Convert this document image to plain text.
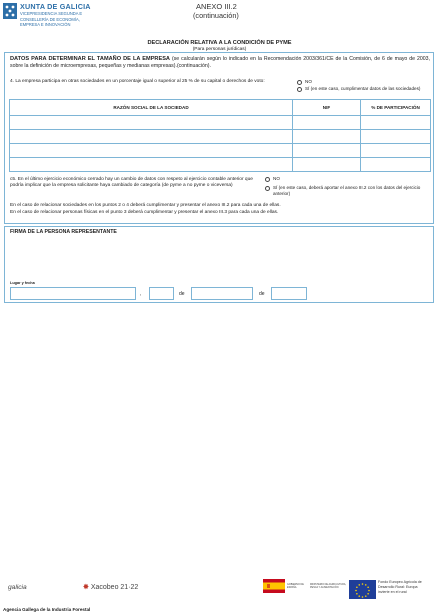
XUNTA DE GALICIA
VICEPRESIDENCIA SEGUNDA E
CONSELLERÍA DE ECONOMÍA,
EMPRESA E INNOVACIÓN
ANEXO III.2
(continuación)
DECLARACIÓN RELATIVA A LA CONDICIÓN DE PYME
(Para personas jurídicas)
DATOS PARA DETERMINAR EL TAMAÑO DE LA EMPRESA (se calcularán según lo indicado en la Recomendación 2003/361/CE de la Comisión, de 6 de mayo de 2003, sobre la definición de microempresas, pequeñas y medianas empresas).(continuación).
4. La empresa participa en otras sociedades en un porcentaje igual o superior al 25 % de su capital o derechos de voto:	NO
SÍ (en este caso, cumplimentar datos de las sociedades)
RAZÓN SOCIAL DE LA SOCIEDAD	NIF	% DE PARTICIPACIÓN

c5. En el último ejercicio económico cerrado hay un cambio de datos con respeto al ejercicio contable anterior que podría implicar que la empresa solicitante haya cambiado de categoría (de pyme a no pyme o viceversa)
NO
SÍ (en este caso, deberá aportar el anexo III.2 con los datos del ejercicio anterior)
En el caso de relacionar sociedades en los puntos 2 o 4 deberá cumplimentar y presentar el anexo III.2 para cada una de ellas.
En el caso de relacionar personas físicas en el punto 3 deberá cumplimentar y presentar el anexo III.3 para cada una de ellas.
FIRMA DE LA PERSONA REPRESENTANTE
Lugar y fecha
,	de	de
galicia	✸ Xacobeo 21·22	GOBIERNO DE ESPAÑA
MINISTERIO DE AGRICULTURA, PESCA Y ALIMENTACIÓN
Fondo Europeo Agrícola de
Desarrollo Rural: Europa
invierte en el rural
Agencia Gallega de la Industria Forestal
